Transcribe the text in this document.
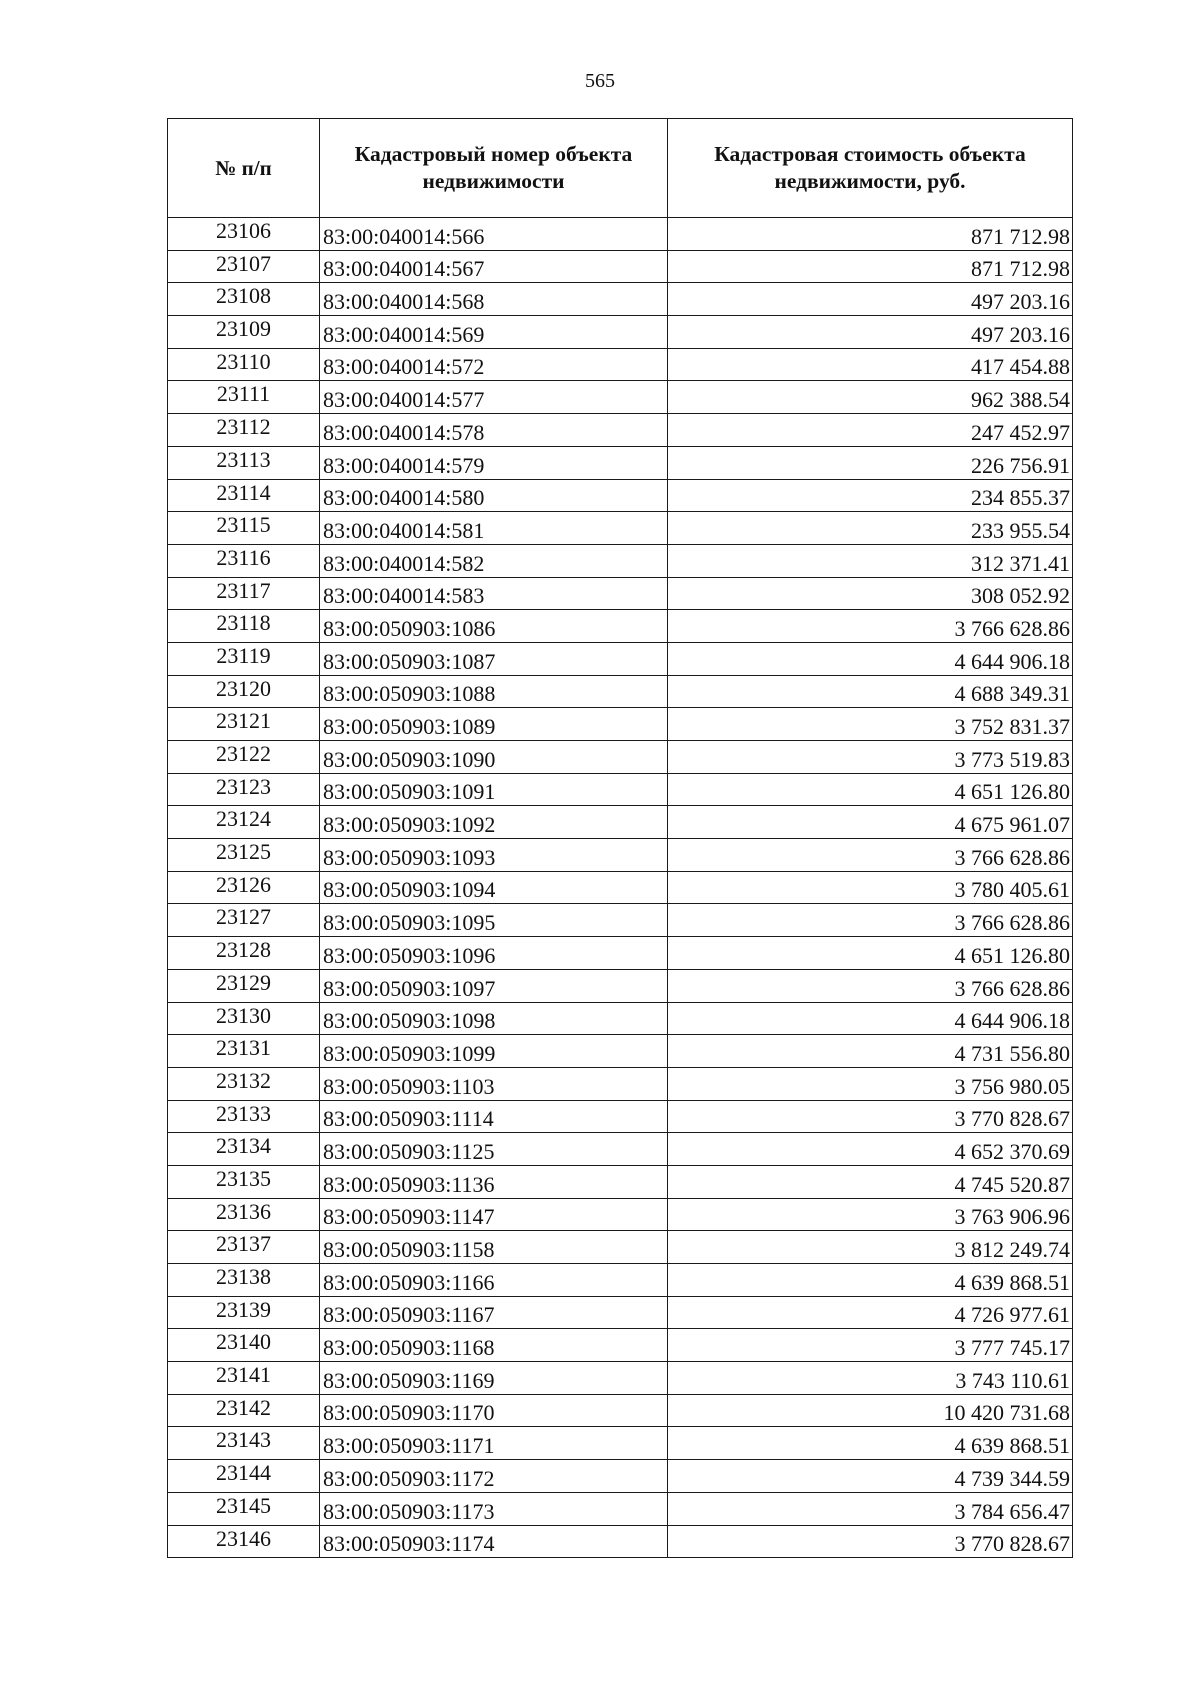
565
№ п/п	Кадастровый номер объекта недвижимости	Кадастровая стоимость объекта недвижимости, руб.
23106	83:00:040014:566	871 712.98
23107	83:00:040014:567	871 712.98
23108	83:00:040014:568	497 203.16
23109	83:00:040014:569	497 203.16
23110	83:00:040014:572	417 454.88
23111	83:00:040014:577	962 388.54
23112	83:00:040014:578	247 452.97
23113	83:00:040014:579	226 756.91
23114	83:00:040014:580	234 855.37
23115	83:00:040014:581	233 955.54
23116	83:00:040014:582	312 371.41
23117	83:00:040014:583	308 052.92
23118	83:00:050903:1086	3 766 628.86
23119	83:00:050903:1087	4 644 906.18
23120	83:00:050903:1088	4 688 349.31
23121	83:00:050903:1089	3 752 831.37
23122	83:00:050903:1090	3 773 519.83
23123	83:00:050903:1091	4 651 126.80
23124	83:00:050903:1092	4 675 961.07
23125	83:00:050903:1093	3 766 628.86
23126	83:00:050903:1094	3 780 405.61
23127	83:00:050903:1095	3 766 628.86
23128	83:00:050903:1096	4 651 126.80
23129	83:00:050903:1097	3 766 628.86
23130	83:00:050903:1098	4 644 906.18
23131	83:00:050903:1099	4 731 556.80
23132	83:00:050903:1103	3 756 980.05
23133	83:00:050903:1114	3 770 828.67
23134	83:00:050903:1125	4 652 370.69
23135	83:00:050903:1136	4 745 520.87
23136	83:00:050903:1147	3 763 906.96
23137	83:00:050903:1158	3 812 249.74
23138	83:00:050903:1166	4 639 868.51
23139	83:00:050903:1167	4 726 977.61
23140	83:00:050903:1168	3 777 745.17
23141	83:00:050903:1169	3 743 110.61
23142	83:00:050903:1170	10 420 731.68
23143	83:00:050903:1171	4 639 868.51
23144	83:00:050903:1172	4 739 344.59
23145	83:00:050903:1173	3 784 656.47
23146	83:00:050903:1174	3 770 828.67
